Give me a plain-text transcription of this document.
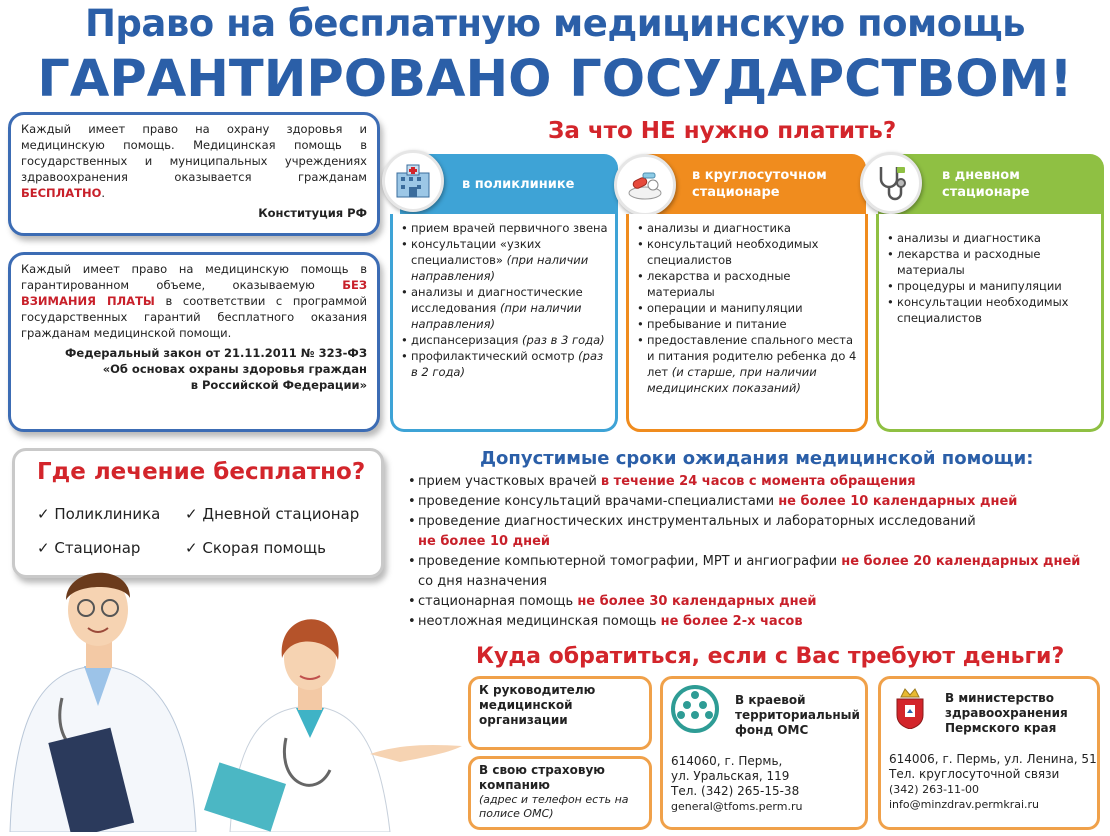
Право на бесплатную медицинскую помощь
ГАРАНТИРОВАНО ГОСУДАРСТВОМ!
Каждый имеет право на охрану здоровья и медицинскую помощь. Медицинская помощь в государственных и муниципальных учреждениях здравоохранения оказывается гражданам БЕСПЛАТНО.
Конституция РФ
Каждый имеет право на медицинскую помощь в гарантированном объеме, оказываемую БЕЗ ВЗИМАНИЯ ПЛАТЫ в соответствии с программой государственных гарантий бесплатного оказания гражданам медицинской помощи.
Федеральный закон от 21.11.2011 № 323-ФЗ
«Об основах охраны здоровья граждан
в Российской Федерации»
За что НЕ нужно платить?
в поликлинике
• прием врачей первичного звена
• консультации «узких специалистов» (при наличии направления)
• анализы и диагностические исследования (при наличии направления)
• диспансеризация (раз в 3 года)
• профилактический осмотр (раз в 2 года)
в круглосуточном стационаре
• анализы и диагностика
• консультаций необходимых специалистов
• лекарства и расходные материалы
• операции и манипуляции
• пребывание и питание
• предоставление спального места и питания родителю ребенка до 4 лет (и старше, при наличии медицинских показаний)
в дневном стационаре
• анализы и диагностика
• лекарства и расходные материалы
• процедуры и манипуляции
• консультации необходимых специалистов
Где лечение бесплатно?
✓ Поликлиника ✓ Дневной стационар
✓ Стационар	✓ Скорая помощь
Допустимые сроки ожидания медицинской помощи:
• прием участковых врачей в течение 24 часов с момента обращения
• проведение консультаций врачами-специалистами не более 10 календарных дней
• проведение диагностических инструментальных и лабораторных исследований
не более 10 дней
• проведение компьютерной томографии, МРТ и ангиографии не более 20 календарных дней
со дня назначения
• стационарная помощь не более 30 календарных дней
• неотложная медицинская помощь не более 2-х часов
Куда обратиться, если с Вас требуют деньги?
К руководителю медицинской организации
В свою страховую компанию
(адрес и телефон есть на полисе ОМС)
В краевой территориальный фонд ОМС
614060, г. Пермь,
ул. Уральская, 119
Тел. (342) 265-15-38
general@tfoms.perm.ru
В министерство здравоохранения Пермского края
614006, г. Пермь, ул. Ленина, 51
Тел. круглосуточной связи
(342) 263-11-00
info@minzdrav.permkrai.ru
